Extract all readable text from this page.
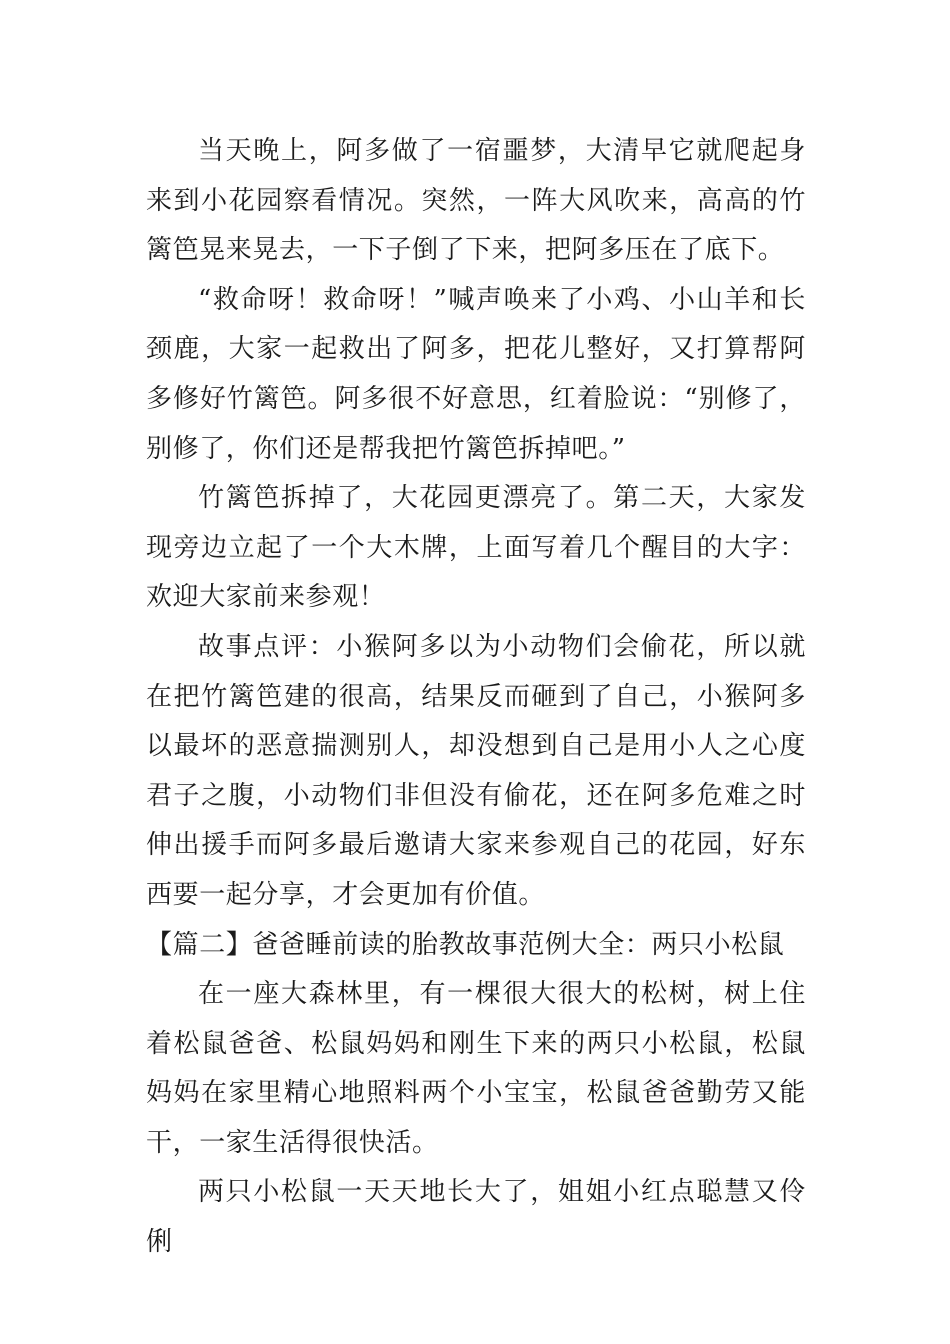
当天晚上，阿多做了一宿噩梦，大清早它就爬起身来到小花园察看情况。突然，一阵大风吹来，高高的竹篱笆晃来晃去，一下子倒了下来，把阿多压在了底下。

“救命呀！救命呀！”喊声唤来了小鸡、小山羊和长颈鹿，大家一起救出了阿多，把花儿整好，又打算帮阿多修好竹篱笆。阿多很不好意思，红着脸说：“别修了，别修了，你们还是帮我把竹篱笆拆掉吧。”

竹篱笆拆掉了，大花园更漂亮了。第二天，大家发现旁边立起了一个大木牌，上面写着几个醒目的大字：欢迎大家前来参观！

故事点评：小猴阿多以为小动物们会偷花，所以就在把竹篱笆建的很高，结果反而砸到了自己，小猴阿多以最坏的恶意揣测别人，却没想到自己是用小人之心度君子之腹，小动物们非但没有偷花，还在阿多危难之时伸出援手而阿多最后邀请大家来参观自己的花园，好东西要一起分享，才会更加有价值。

【篇二】爸爸睡前读的胎教故事范例大全：两只小松鼠

在一座大森林里，有一棵很大很大的松树，树上住着松鼠爸爸、松鼠妈妈和刚生下来的两只小松鼠，松鼠妈妈在家里精心地照料两个小宝宝，松鼠爸爸勤劳又能干，一家生活得很快活。

两只小松鼠一天天地长大了，姐姐小红点聪慧又伶俐
